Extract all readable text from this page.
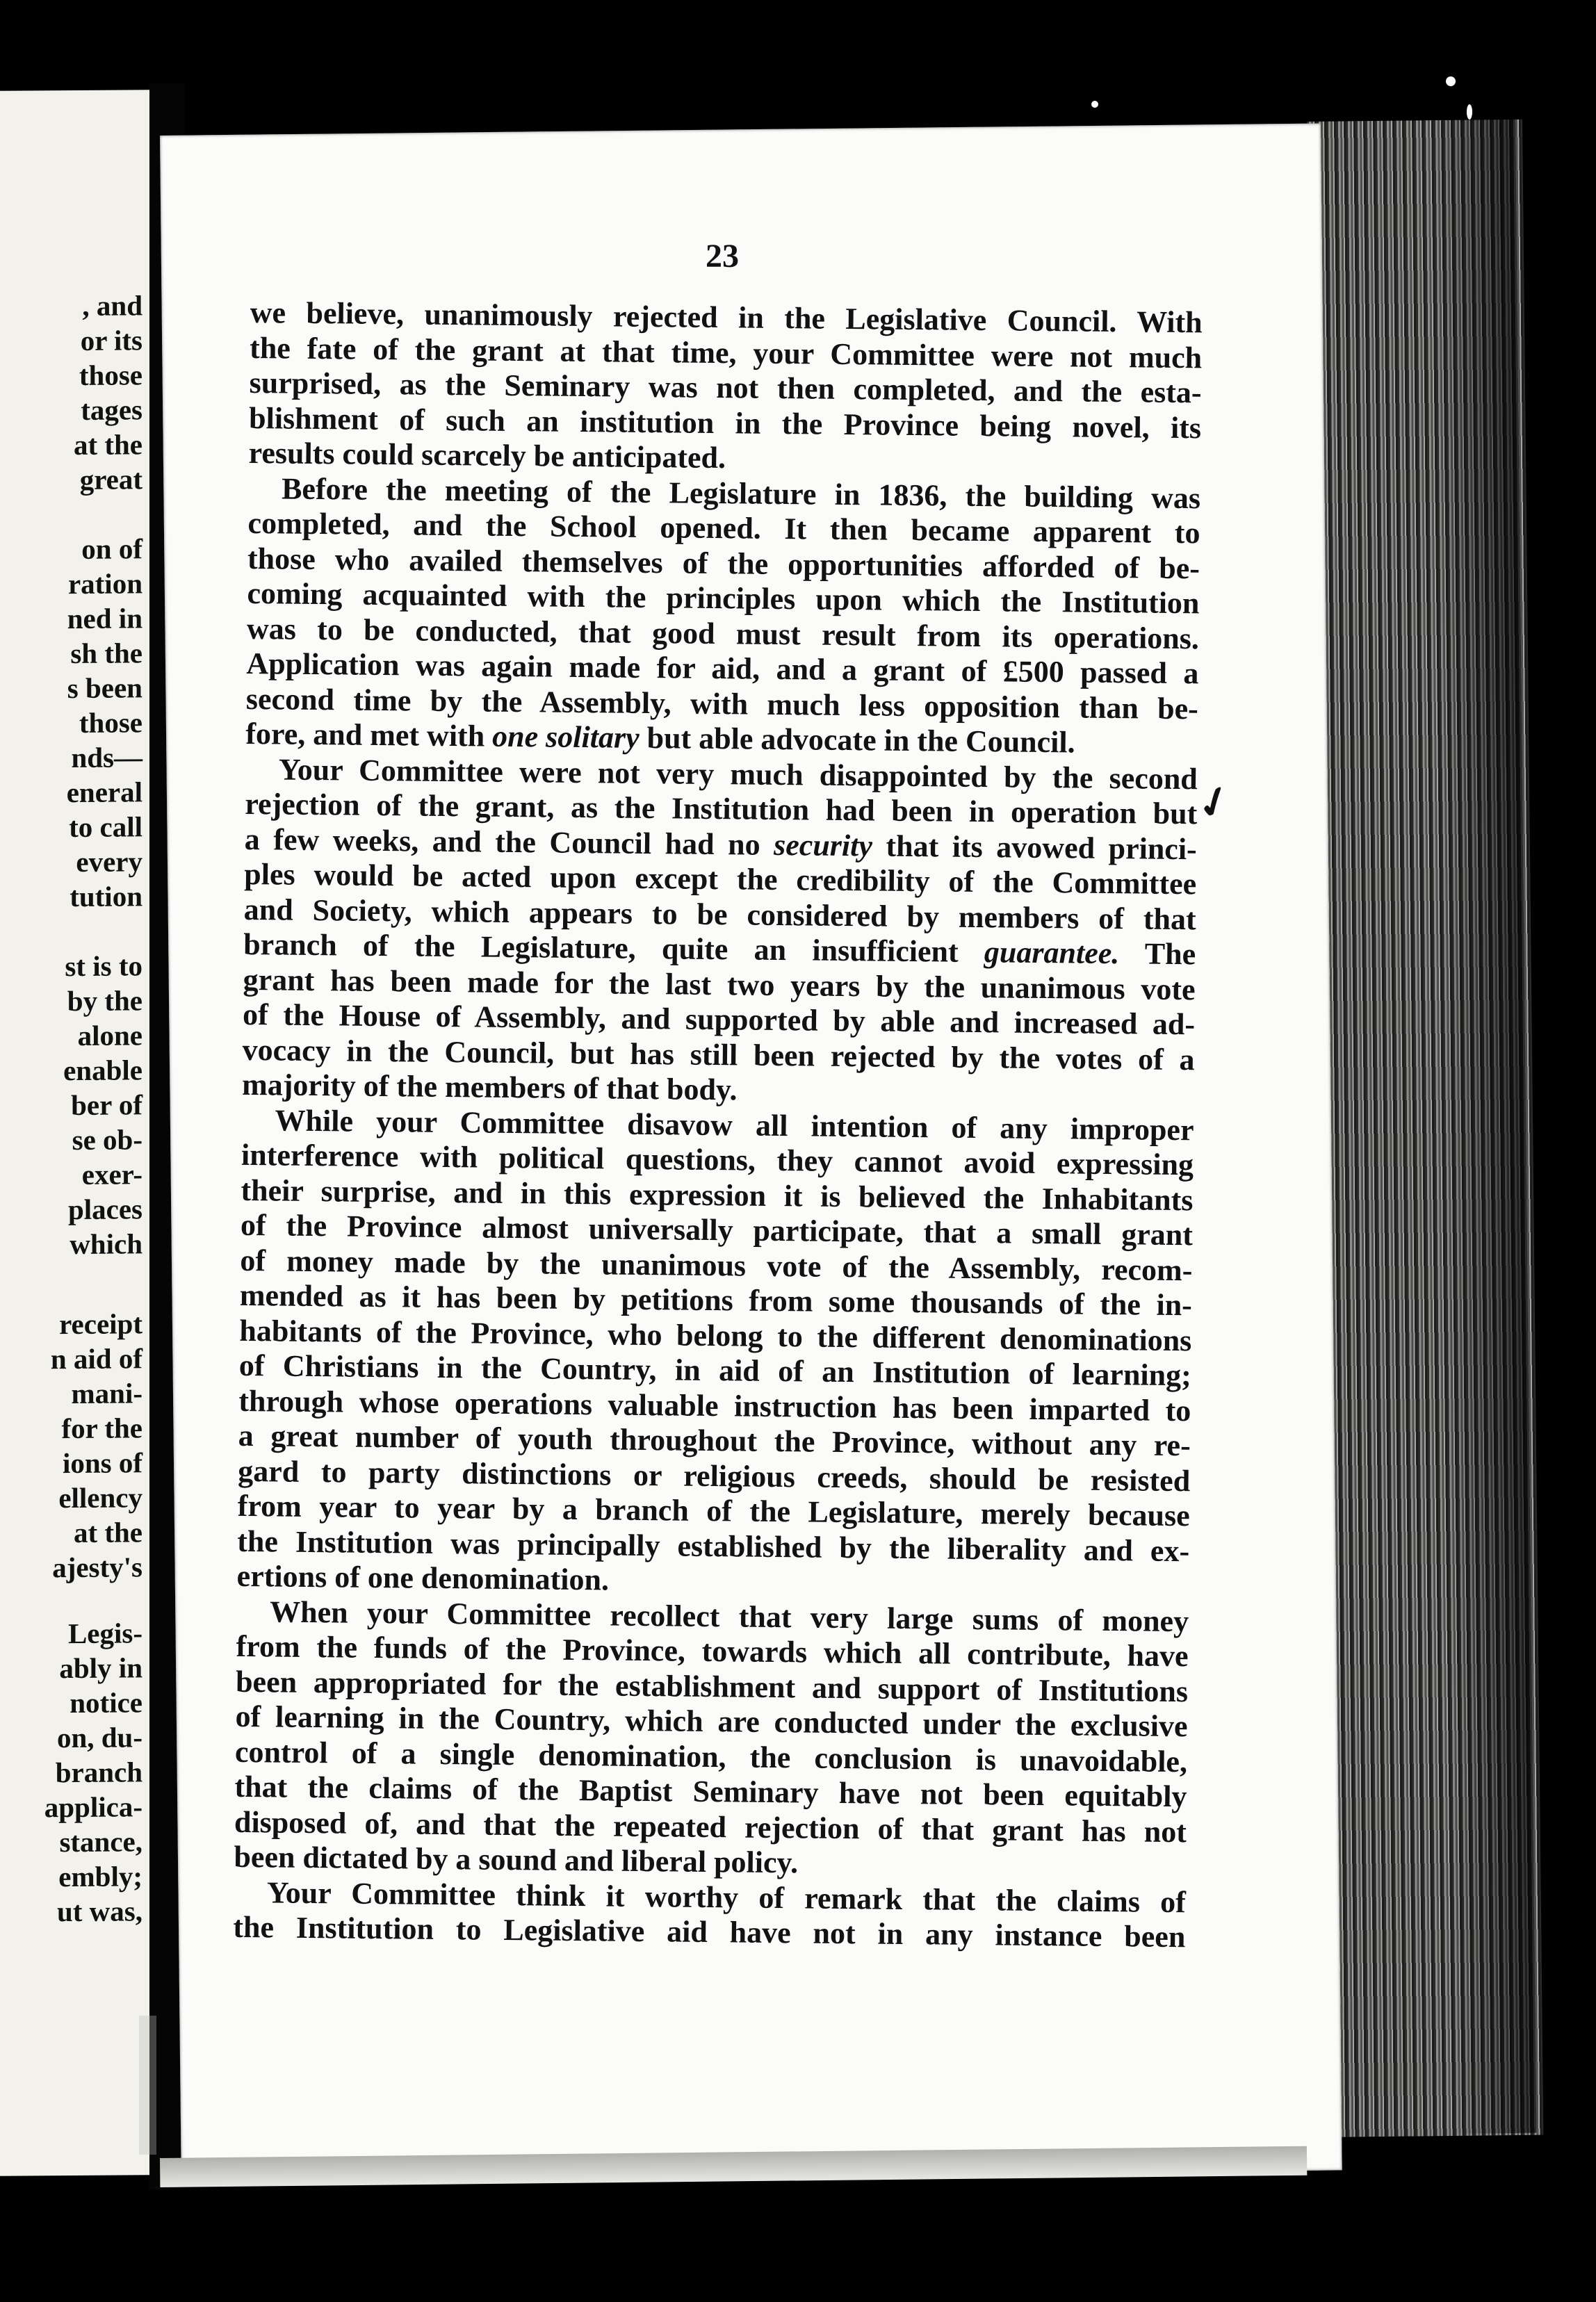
, and
or its
those
tages
at the
great
on of
ration
ned in
sh the
s been
those
nds—
eneral
to call
every
tution
st is to
by the
alone
enable
ber of
se ob-
exer-
places
which
receipt
n aid of
mani-
for the
ions of
ellency
at the
ajesty's
Legis-
ably in
notice
on, du-
branch
applica-
stance,
embly;
ut was,
23
we believe, unanimously rejected in the Legislative Council. With
the fate of the grant at that time, your Committee were not much
surprised, as the Seminary was not then completed, and the esta-
blishment of such an institution in the Province being novel, its
results could scarcely be anticipated.
Before the meeting of the Legislature in 1836, the building was
completed, and the School opened. It then became apparent to
those who availed themselves of the opportunities afforded of be-
coming acquainted with the principles upon which the Institution
was to be conducted, that good must result from its operations.
Application was again made for aid, and a grant of £500 passed a
second time by the Assembly, with much less opposition than be-
fore, and met with one solitary but able advocate in the Council.
Your Committee were not very much disappointed by the second
rejection of the grant, as the Institution had been in operation but
a few weeks, and the Council had no security that its avowed princi-
ples would be acted upon except the credibility of the Committee
and Society, which appears to be considered by members of that
branch of the Legislature, quite an insufficient guarantee. The
grant has been made for the last two years by the unanimous vote
of the House of Assembly, and supported by able and increased ad-
vocacy in the Council, but has still been rejected by the votes of a
majority of the members of that body.
While your Committee disavow all intention of any improper
interference with political questions, they cannot avoid expressing
their surprise, and in this expression it is believed the Inhabitants
of the Province almost universally participate, that a small grant
of money made by the unanimous vote of the Assembly, recom-
mended as it has been by petitions from some thousands of the in-
habitants of the Province, who belong to the different denominations
of Christians in the Country, in aid of an Institution of learning;
through whose operations valuable instruction has been imparted to
a great number of youth throughout the Province, without any re-
gard to party distinctions or religious creeds, should be resisted
from year to year by a branch of the Legislature, merely because
the Institution was principally established by the liberality and ex-
ertions of one denomination.
When your Committee recollect that very large sums of money
from the funds of the Province, towards which all contribute, have
been appropriated for the establishment and support of Institutions
of learning in the Country, which are conducted under the exclusive
control of a single denomination, the conclusion is unavoidable,
that the claims of the Baptist Seminary have not been equitably
disposed of, and that the repeated rejection of that grant has not
been dictated by a sound and liberal policy.
Your Committee think it worthy of remark that the claims of
the Institution to Legislative aid have not in any instance been
✓
